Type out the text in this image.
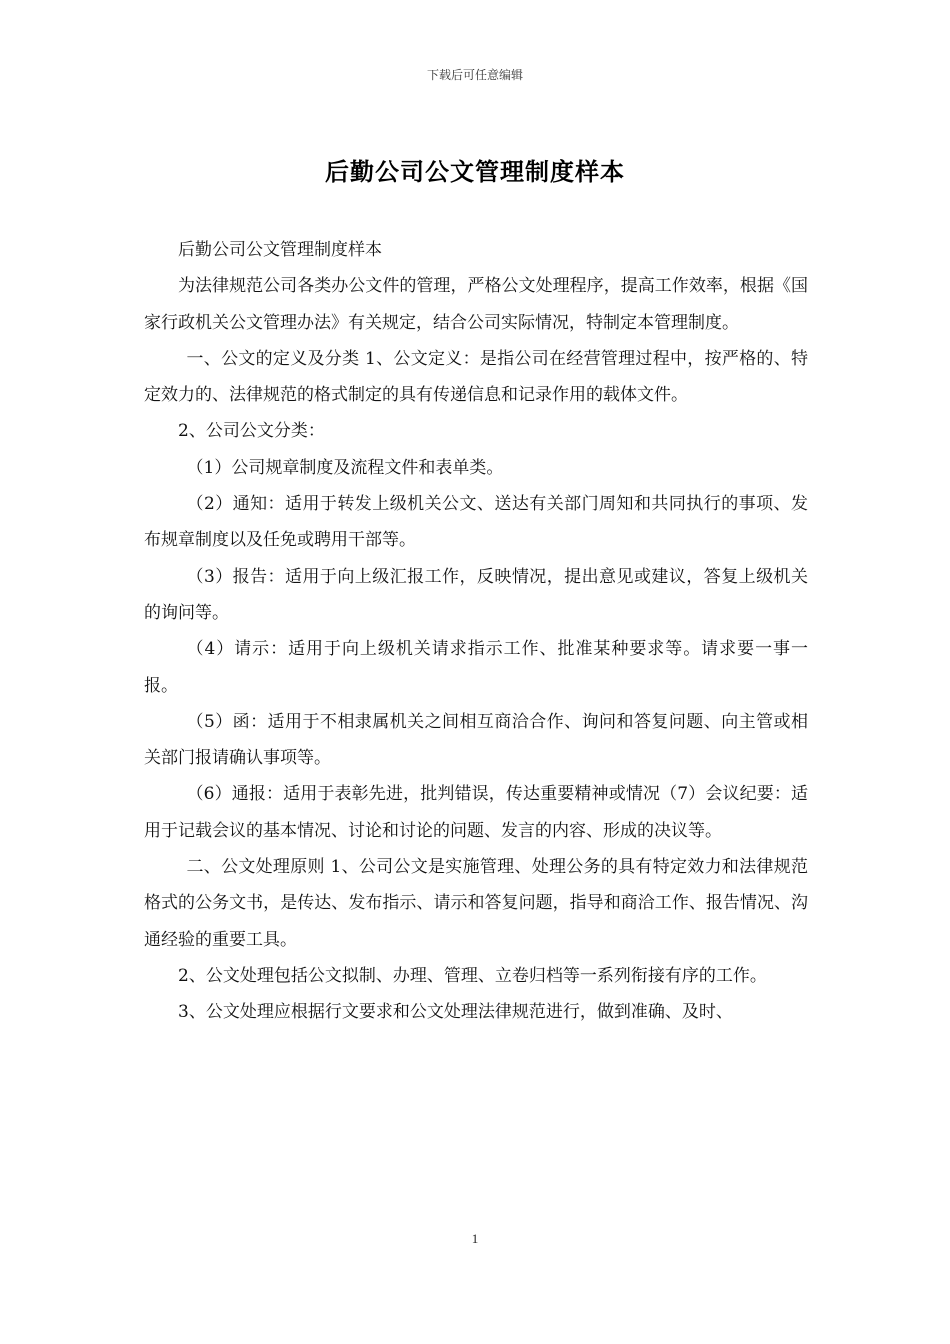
下载后可任意编辑
后勤公司公文管理制度样本

后勤公司公文管理制度样本

为法律规范公司各类办公文件的管理，严格公文处理程序，提高工作效率，根据《国家行政机关公文管理办法》有关规定，结合公司实际情况，特制定本管理制度。

一、公文的定义及分类 1、公文定义：是指公司在经营管理过程中，按严格的、特定效力的、法律规范的格式制定的具有传递信息和记录作用的载体文件。

2、公司公文分类：

（1）公司规章制度及流程文件和表单类。

（2）通知：适用于转发上级机关公文、送达有关部门周知和共同执行的事项、发布规章制度以及任免或聘用干部等。

（3）报告：适用于向上级汇报工作，反映情况，提出意见或建议，答复上级机关的询问等。

（4）请示：适用于向上级机关请求指示工作、批准某种要求等。请求要一事一报。

（5）函：适用于不相隶属机关之间相互商洽合作、询问和答复问题、向主管或相关部门报请确认事项等。

（6）通报：适用于表彰先进，批判错误，传达重要精神或情况（7）会议纪要：适用于记载会议的基本情况、讨论和讨论的问题、发言的内容、形成的决议等。

二、公文处理原则 1、公司公文是实施管理、处理公务的具有特定效力和法律规范格式的公务文书，是传达、发布指示、请示和答复问题，指导和商洽工作、报告情况、沟通经验的重要工具。

2、公文处理包括公文拟制、办理、管理、立卷归档等一系列衔接有序的工作。

3、公文处理应根据行文要求和公文处理法律规范进行，做到准确、及时、

1
